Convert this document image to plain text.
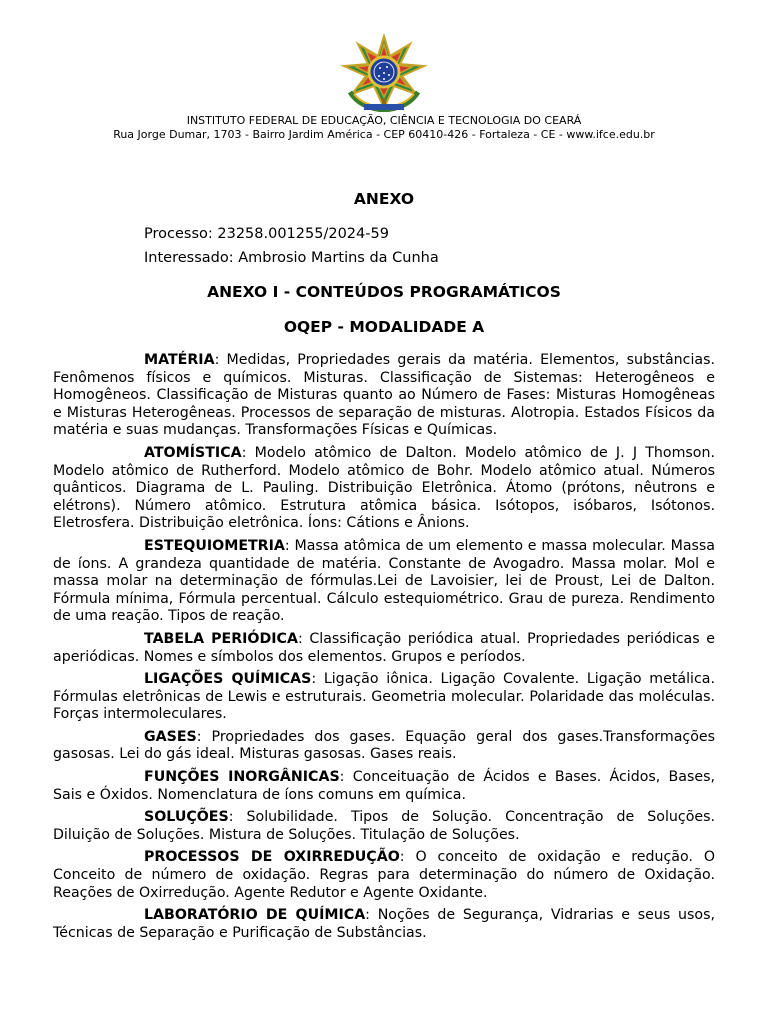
INSTITUTO FEDERAL DE EDUCAÇÃO, CIÊNCIA E TECNOLOGIA DO CEARÁ
Rua Jorge Dumar, 1703 - Bairro Jardim América - CEP 60410-426 - Fortaleza - CE - www.ifce.edu.br
ANEXO
Processo: 23258.001255/2024-59
Interessado: Ambrosio Martins da Cunha
ANEXO I - CONTEÚDOS PROGRAMÁTICOS
OQEP - MODALIDADE A

MATÉRIA: Medidas, Propriedades gerais da matéria. Elementos, substâncias. Fenômenos físicos e químicos. Misturas. Classificação de Sistemas: Heterogêneos e Homogêneos. Classificação de Misturas quanto ao Número de Fases: Misturas Homogêneas e Misturas Heterogêneas. Processos de separação de misturas. Alotropia. Estados Físicos da matéria e suas mudanças. Transformações Físicas e Químicas.

ATOMÍSTICA: Modelo atômico de Dalton. Modelo atômico de J. J Thomson. Modelo atômico de Rutherford. Modelo atômico de Bohr. Modelo atômico atual. Números quânticos. Diagrama de L. Pauling. Distribuição Eletrônica. Átomo (prótons, nêutrons e elétrons). Número atômico. Estrutura atômica básica. Isótopos, isóbaros, Isótonos. Eletrosfera. Distribuição eletrônica. Íons: Cátions e Ânions.

ESTEQUIOMETRIA: Massa atômica de um elemento e massa molecular. Massa de íons. A grandeza quantidade de matéria. Constante de Avogadro. Massa molar. Mol e massa molar na determinação de fórmulas.Lei de Lavoisier, lei de Proust, Lei de Dalton. Fórmula mínima, Fórmula percentual. Cálculo estequiométrico. Grau de pureza. Rendimento de uma reação. Tipos de reação.

TABELA PERIÓDICA: Classificação periódica atual. Propriedades periódicas e aperiódicas. Nomes e símbolos dos elementos. Grupos e períodos.

LIGAÇÕES QUÍMICAS: Ligação iônica. Ligação Covalente. Ligação metálica. Fórmulas eletrônicas de Lewis e estruturais. Geometria molecular. Polaridade das moléculas. Forças intermoleculares.

GASES: Propriedades dos gases. Equação geral dos gases.Transformações gasosas. Lei do gás ideal. Misturas gasosas. Gases reais.

FUNÇÕES INORGÂNICAS: Conceituação de Ácidos e Bases. Ácidos, Bases, Sais e Óxidos. Nomenclatura de íons comuns em química.

SOLUÇÕES: Solubilidade. Tipos de Solução. Concentração de Soluções. Diluição de Soluções. Mistura de Soluções. Titulação de Soluções.

PROCESSOS DE OXIRREDUÇÃO: O conceito de oxidação e redução. O Conceito de número de oxidação. Regras para determinação do número de Oxidação. Reações de Oxirredução. Agente Redutor e Agente Oxidante.

LABORATÓRIO DE QUÍMICA: Noções de Segurança, Vidrarias e seus usos, Técnicas de Separação e Purificação de Substâncias.
